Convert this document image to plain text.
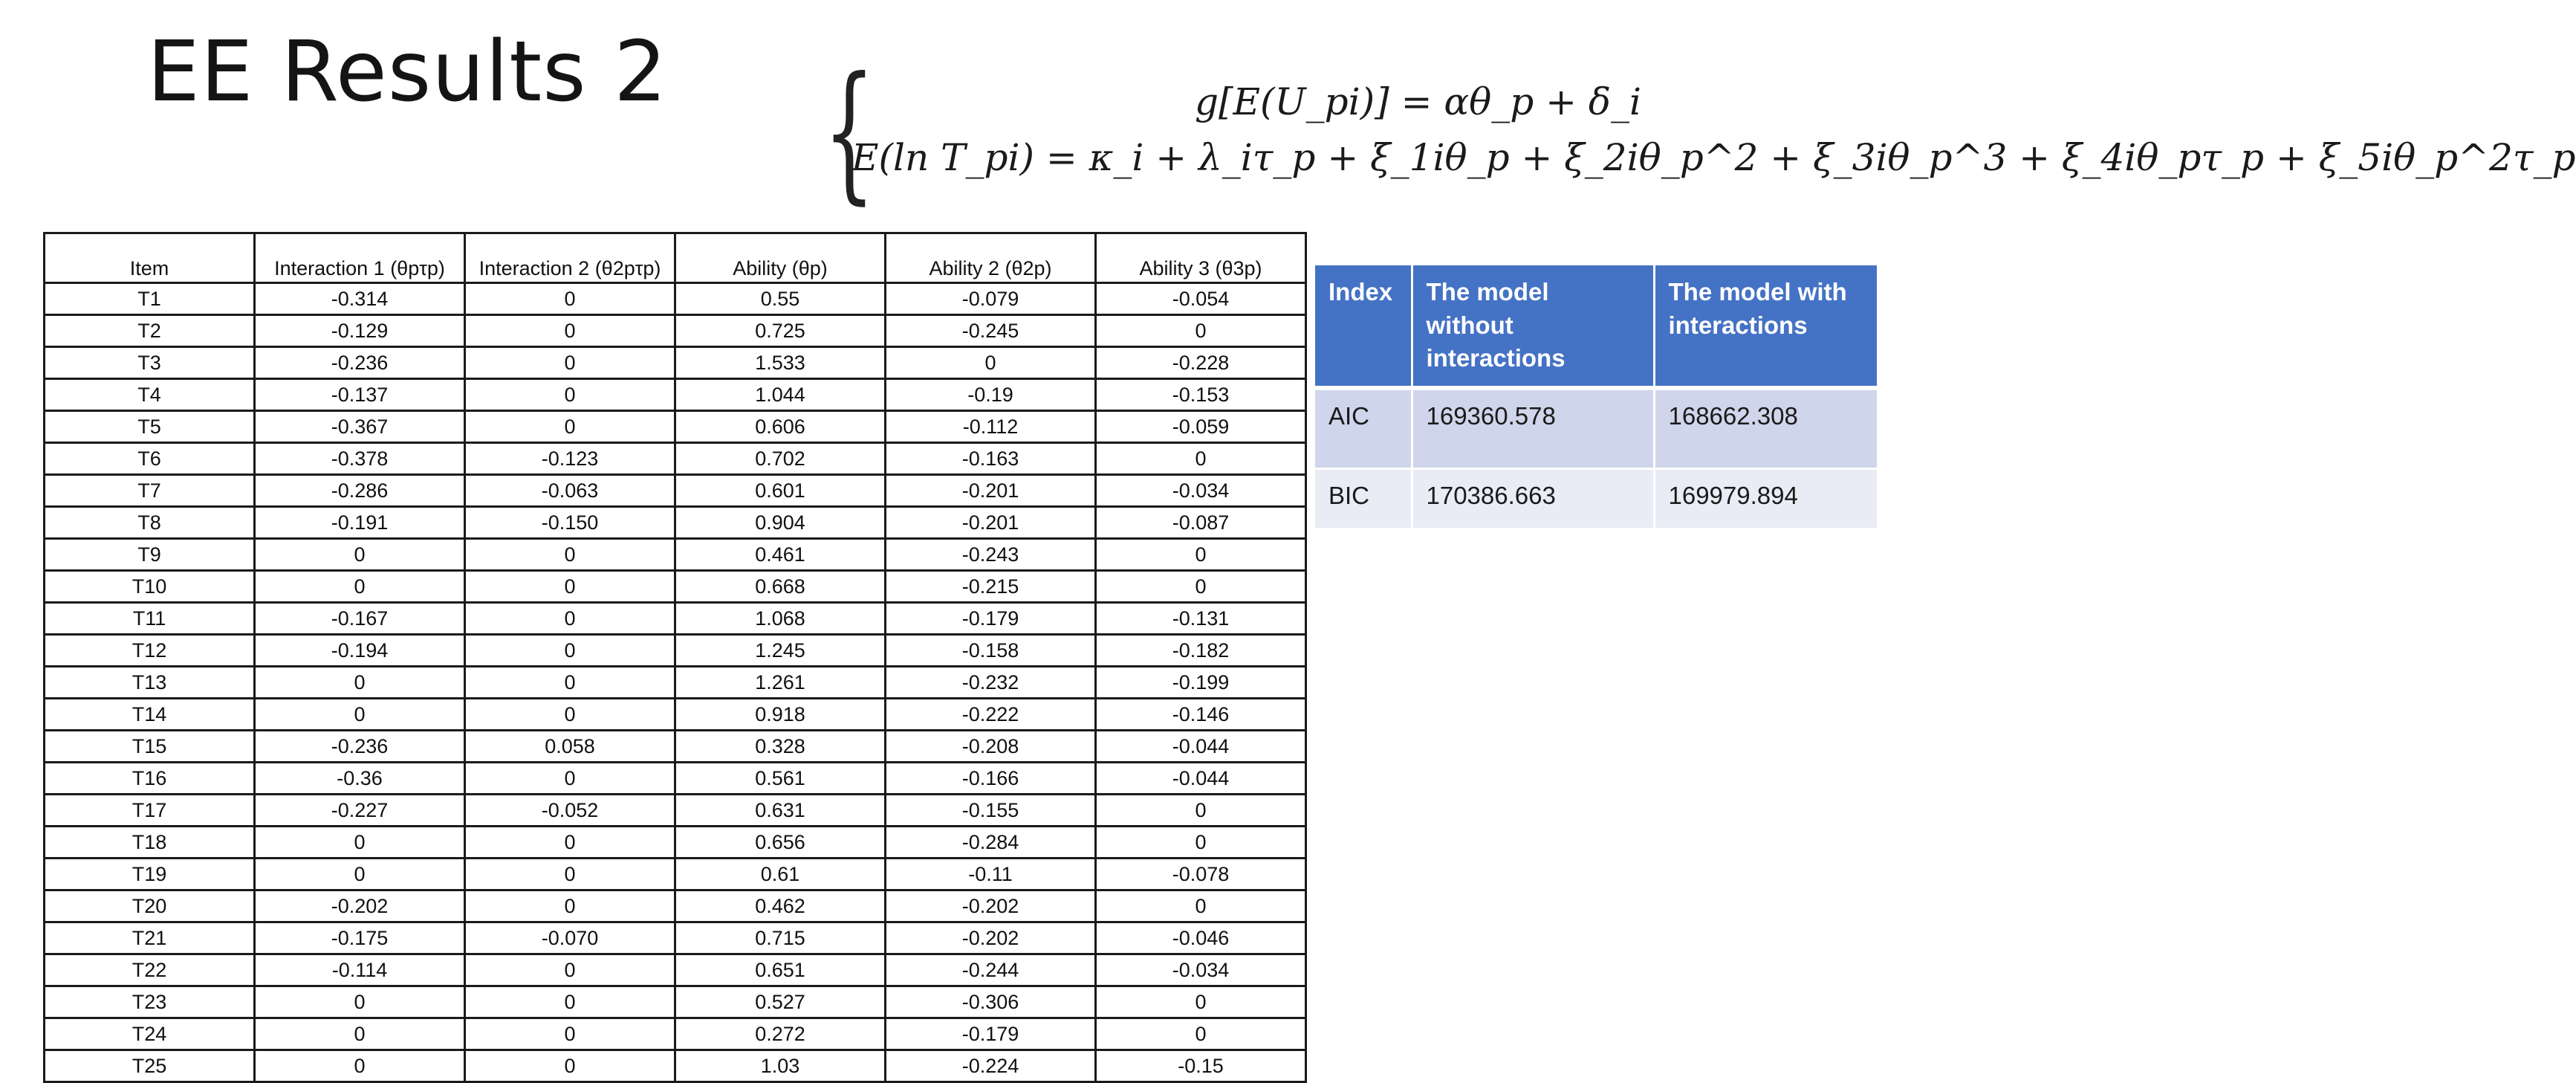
EE Results 2 {	g[E(U_pi)] = αθ_p + δ_i
E(ln T_pi) = κ_i + λ_iτ_p + ξ_1iθ_p + ξ_2iθ_p^2 + ξ_3iθ_p^3 + ξ_4iθ_pτ_p + ξ_5iθ_p^2τ_p
Item	Interaction 1 (θpτp)	Interaction 2 (θ2pτp)	Ability (θp)	Ability 2 (θ2p)	Ability 3 (θ3p)
T1	-0.314	0	0.55	-0.079	-0.054
T2	-0.129	0	0.725	-0.245	0
T3	-0.236	0	1.533	0	-0.228
T4	-0.137	0	1.044	-0.19	-0.153
T5	-0.367	0	0.606	-0.112	-0.059
T6	-0.378	-0.123	0.702	-0.163	0
T7	-0.286	-0.063	0.601	-0.201	-0.034
T8	-0.191	-0.150	0.904	-0.201	-0.087
T9	0	0	0.461	-0.243	0
T10	0	0	0.668	-0.215	0
T11	-0.167	0	1.068	-0.179	-0.131
T12	-0.194	0	1.245	-0.158	-0.182
T13	0	0	1.261	-0.232	-0.199
T14	0	0	0.918	-0.222	-0.146
T15	-0.236	0.058	0.328	-0.208	-0.044
T16	-0.36	0	0.561	-0.166	-0.044
T17	-0.227	-0.052	0.631	-0.155	0
T18	0	0	0.656	-0.284	0
T19	0	0	0.61	-0.11	-0.078
T20	-0.202	0	0.462	-0.202	0
T21	-0.175	-0.070	0.715	-0.202	-0.046
T22	-0.114	0	0.651	-0.244	-0.034
T23	0	0	0.527	-0.306	0
T24	0	0	0.272	-0.179	0
T25	0	0	1.03	-0.224	-0.15
Index	The model without interactions	The model with interactions
AIC	169360.578	168662.308
BIC	170386.663	169979.894
